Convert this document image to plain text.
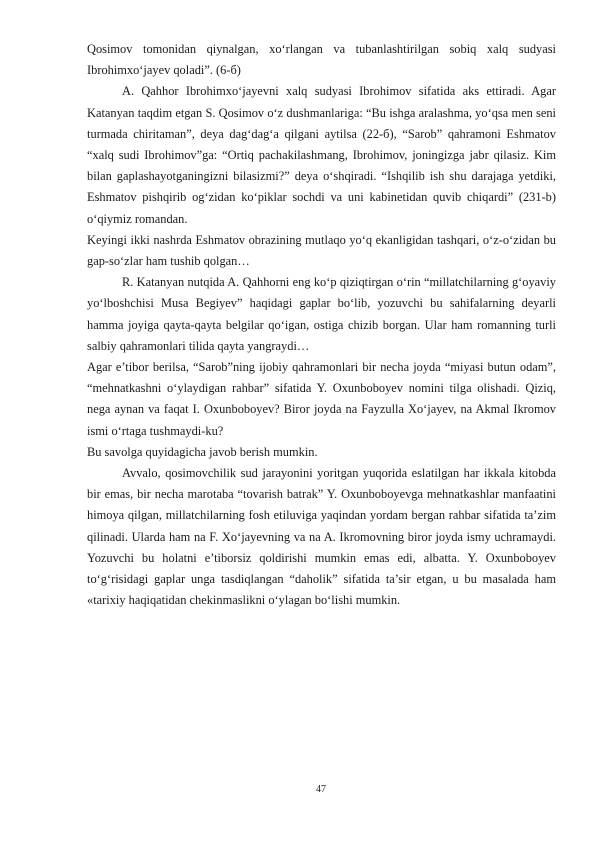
Qosimov tomonidan qiynalgan, xo‘rlangan va tubanlashtirilgan sobiq xalq sudyasi Ibrohimxo‘jayev qoladi”. (6-б)

A. Qahhor Ibrohimxo‘jayevni xalq sudyasi Ibrohimov sifatida aks ettiradi. Agar Katanyan taqdim etgan S. Qosimov o‘z dushmanlariga: “Bu ishga aralashma, yo‘qsa men seni turmada chiritaman”, deya dag‘dag‘a qilgani aytilsa (22-б), “Sarob” qahramoni Eshmatov “xalq sudi Ibrohimov”ga: “Ortiq pachakilashmang, Ibrohimov, joningizga jabr qilasiz. Kim bilan gaplashayotganingizni bilasizmi?” deya o‘shqiradi. “Ishqilib ish shu darajaga yetdiki, Eshmatov pishqirib og‘zidan ko‘piklar sochdi va uni kabinetidan quvib chiqardi” (231-b) o‘qiymiz romandan.

Keyingi ikki nashrda Eshmatov obrazining mutlaqo yo‘q ekanligidan tashqari, o‘z-o‘zidan bu gap-so‘zlar ham tushib qolgan…

R. Katanyan nutqida A. Qahhorni eng ko‘p qiziqtirgan o‘rin “millatchilarning g‘oyaviy yo‘lboshchisi Musa Begiyev” haqidagi gaplar bo‘lib, yozuvchi bu sahifalarning deyarli hamma joyiga qayta-qayta belgilar qo‘igan, ostiga chizib borgan. Ular ham romanning turli salbiy qahramonlari tilida qayta yangraydi…

Agar e’tibor berilsa, “Sarob”ning ijobiy qahramonlari bir necha joyda “miyasi butun odam”, “mehnatkashni o‘ylaydigan rahbar” sifatida Y. Oxunboboyev nomini tilga olishadi. Qiziq, nega aynan va faqat I. Oxunboboyev? Biror joyda na Fayzulla Xo‘jayev, na Akmal Ikromov ismi o‘rtaga tushmaydi-ku?

Bu savolga quyidagicha javob berish mumkin.

Avvalo, qosimovchilik sud jarayonini yoritgan yuqorida eslatilgan har ikkala kitobda bir emas, bir necha marotaba “tovarish batrak” Y. Oxunboboyevga mehnatkashlar manfaatini himoya qilgan, millatchilarning fosh etiluviga yaqindan yordam bergan rahbar sifatida ta’zim qilinadi. Ularda ham na F. Xo‘jayevning va na A. Ikromovning biror joyda ismy uchramaydi. Yozuvchi bu holatni e’tiborsiz qoldirishi mumkin emas edi, albatta. Y. Oxunboboyev to‘g‘risidagi gaplar unga tasdiqlangan “daholik” sifatida ta’sir etgan, u bu masalada ham «tarixiy haqiqatidan chekinmaslikni o‘ylagan bo‘lishi mumkin.

47
